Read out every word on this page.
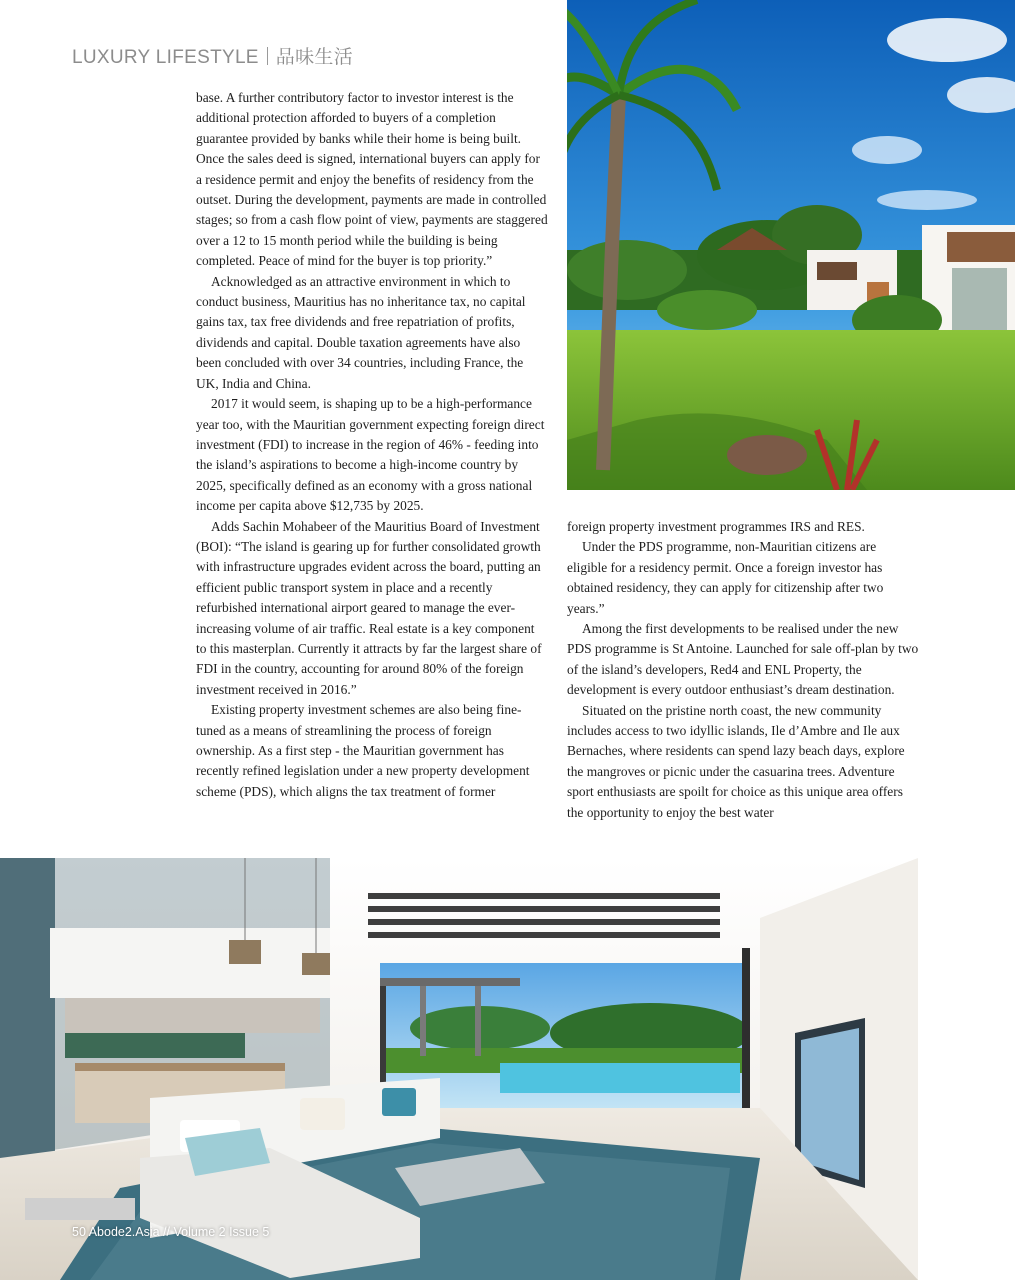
LUXURY LIFESTYLE 品味生活

base. A further contributory factor to investor interest is the additional protection afforded to buyers of a completion guarantee provided by banks while their home is being built. Once the sales deed is signed, international buyers can apply for a residence permit and enjoy the benefits of residency from the outset. During the development, payments are made in controlled stages; so from a cash flow point of view, payments are staggered over a 12 to 15 month period while the building is being completed. Peace of mind for the buyer is top priority.”

Acknowledged as an attractive environment in which to conduct business, Mauritius has no inheritance tax, no capital gains tax, tax free dividends and free repatriation of profits, dividends and capital. Double taxation agreements have also been concluded with over 34 countries, including France, the UK, India and China.

2017 it would seem, is shaping up to be a high-performance year too, with the Mauritian government expecting foreign direct investment (FDI) to increase in the region of 46% - feeding into the island’s aspirations to become a high-income country by 2025, specifically defined as an economy with a gross national income per capita above $12,735 by 2025.

Adds Sachin Mohabeer of the Mauritius Board of Investment (BOI): “The island is gearing up for further consolidated growth with infrastructure upgrades evident across the board, putting an efficient public transport system in place and a recently refurbished international airport geared to manage the ever-increasing volume of air traffic. Real estate is a key component to this masterplan. Currently it attracts by far the largest share of FDI in the country, accounting for around 80% of the foreign investment received in 2016.”

Existing property investment schemes are also being fine-tuned as a means of streamlining the process of foreign ownership. As a first step - the Mauritian government has recently refined legislation under a new property development scheme (PDS), which aligns the tax treatment of former

foreign property investment programmes IRS and RES.

Under the PDS programme, non-Mauritian citizens are eligible for a residency permit. Once a foreign investor has obtained residency, they can apply for citizenship after two years.”

Among the first developments to be realised under the new PDS programme is St Antoine. Launched for sale off-plan by two of the island’s developers, Red4 and ENL Property, the development is every outdoor enthusiast’s dream destination.

Situated on the pristine north coast, the new community includes access to two idyllic islands, Ile d’Ambre and Ile aux Bernaches, where residents can spend lazy beach days, explore the mangroves or picnic under the casuarina trees. Adventure sport enthusiasts are spoilt for choice as this unique area offers the opportunity to enjoy the best water

50 Abode2.Asia // Volume 2 Issue 5
